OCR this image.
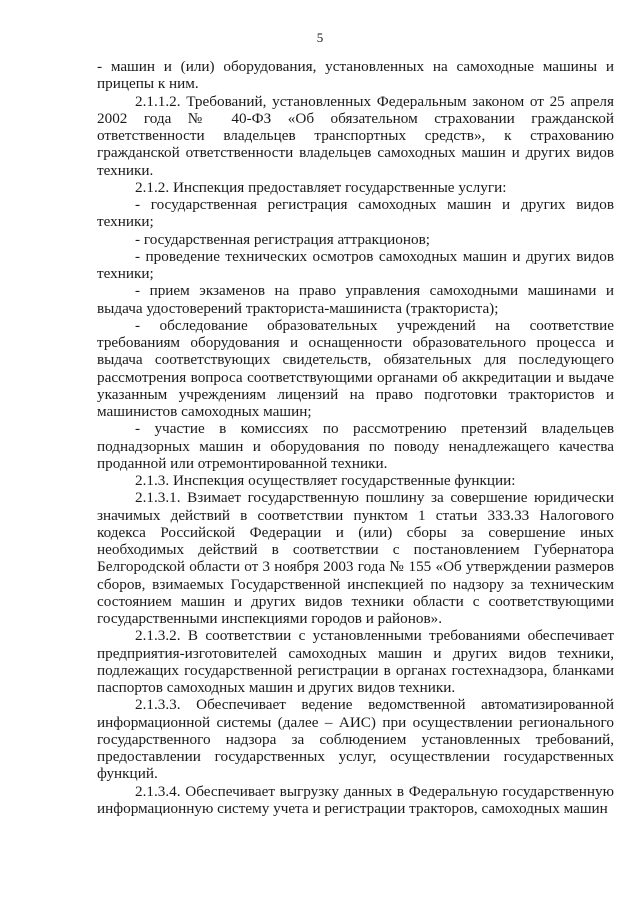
5

- машин и (или) оборудования, установленных на самоходные машины и прицепы к ним.

2.1.1.2. Требований, установленных Федеральным законом от 25 апреля 2002 года № 40-ФЗ «Об обязательном страховании гражданской ответственности владельцев транспортных средств», к страхованию гражданской ответственности владельцев самоходных машин и других видов техники.

2.1.2. Инспекция предоставляет государственные услуги:

- государственная регистрация самоходных машин и других видов техники;

- государственная регистрация аттракционов;

- проведение технических осмотров самоходных машин и других видов техники;

- прием экзаменов на право управления самоходными машинами и выдача удостоверений тракториста-машиниста (тракториста);

- обследование образовательных учреждений на соответствие требованиям оборудования и оснащенности образовательного процесса и выдача соответствующих свидетельств, обязательных для последующего рассмотрения вопроса соответствующими органами об аккредитации и выдаче указанным учреждениям лицензий на право подготовки трактористов и машинистов самоходных машин;

- участие в комиссиях по рассмотрению претензий владельцев поднадзорных машин и оборудования по поводу ненадлежащего качества проданной или отремонтированной техники.

2.1.3. Инспекция осуществляет государственные функции:

2.1.3.1. Взимает государственную пошлину за совершение юридически значимых действий в соответствии пунктом 1 статьи 333.33 Налогового кодекса Российской Федерации и (или) сборы за совершение иных необходимых действий в соответствии с постановлением Губернатора Белгородской области от 3 ноября 2003 года № 155 «Об утверждении размеров сборов, взимаемых Государственной инспекцией по надзору за техническим состоянием машин и других видов техники области с соответствующими государственными инспекциями городов и районов».

2.1.3.2. В соответствии с установленными требованиями обеспечивает предприятия-изготовителей самоходных машин и других видов техники, подлежащих государственной регистрации в органах гостехнадзора, бланками паспортов самоходных машин и других видов техники.

2.1.3.3. Обеспечивает ведение ведомственной автоматизированной информационной системы (далее – АИС) при осуществлении регионального государственного надзора за соблюдением установленных требований, предоставлении государственных услуг, осуществлении государственных функций.

2.1.3.4. Обеспечивает выгрузку данных в Федеральную государственную информационную систему учета и регистрации тракторов, самоходных машин
